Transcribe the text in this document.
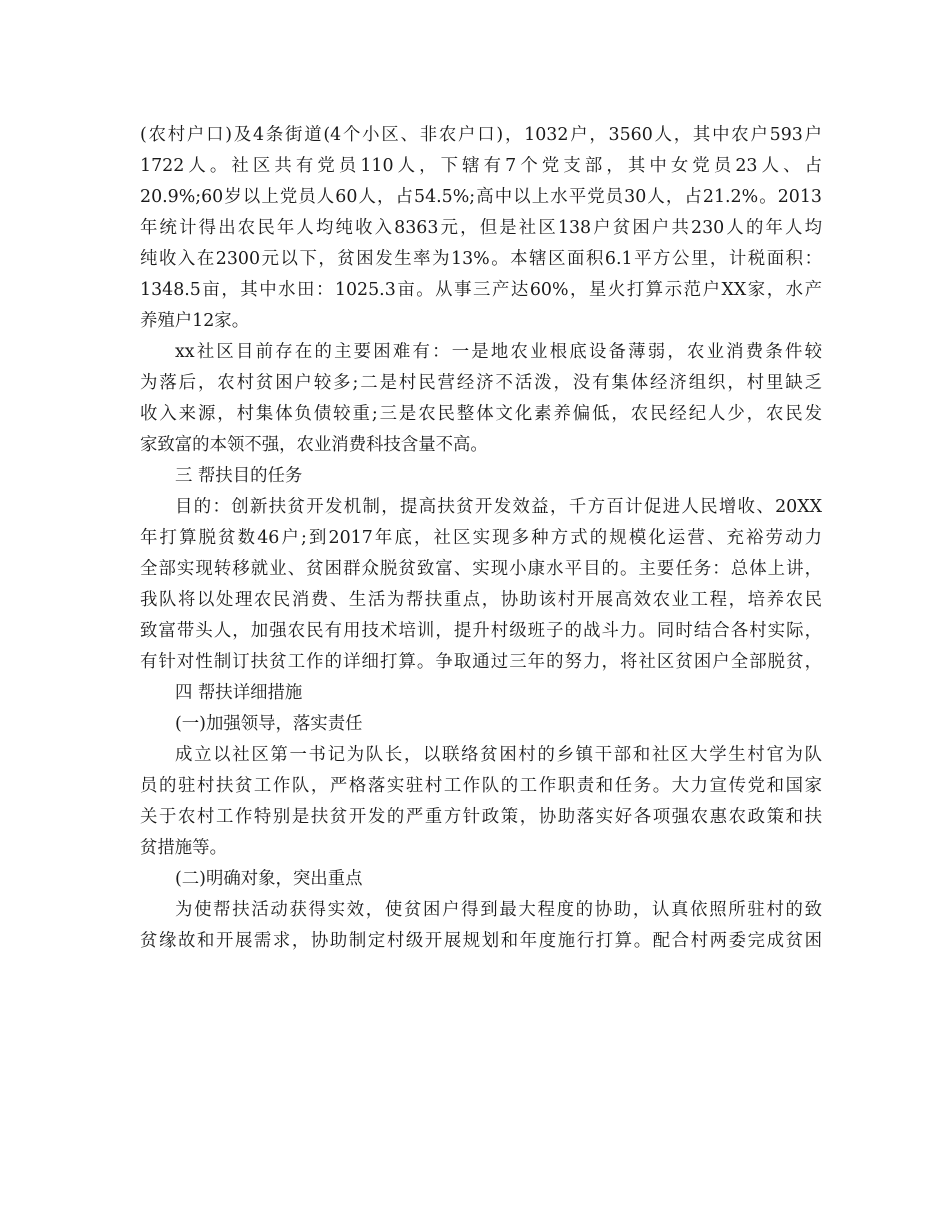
(农村户口)及4条街道(4个小区、非农户口)，1032户，3560人，其中农户593户
1722人。社区共有党员110人，下辖有7个党支部，其中女党员23人、占
20.9%;60岁以上党员人60人，占54.5%;高中以上水平党员30人，占21.2%。2013
年统计得出农民年人均纯收入8363元，但是社区138户贫困户共230人的年人均
纯收入在2300元以下，贫困发生率为13%。本辖区面积6.1平方公里，计税面积：
1348.5亩，其中水田：1025.3亩。从事三产达60%，星火打算示范户XX家，水产
养殖户12家。
xx社区目前存在的主要困难有：一是地农业根底设备薄弱，农业消费条件较
为落后，农村贫困户较多;二是村民营经济不活泼，没有集体经济组织，村里缺乏
收入来源，村集体负债较重;三是农民整体文化素养偏低，农民经纪人少，农民发
家致富的本领不强，农业消费科技含量不高。
三 帮扶目的任务
目的：创新扶贫开发机制，提高扶贫开发效益，千方百计促进人民增收、20XX
年打算脱贫数46户;到2017年底，社区实现多种方式的规模化运营、充裕劳动力
全部实现转移就业、贫困群众脱贫致富、实现小康水平目的。主要任务：总体上讲，
我队将以处理农民消费、生活为帮扶重点，协助该村开展高效农业工程，培养农民
致富带头人，加强农民有用技术培训，提升村级班子的战斗力。同时结合各村实际，
有针对性制订扶贫工作的详细打算。争取通过三年的努力，将社区贫困户全部脱贫，
四 帮扶详细措施
(一)加强领导，落实责任
成立以社区第一书记为队长，以联络贫困村的乡镇干部和社区大学生村官为队
员的驻村扶贫工作队，严格落实驻村工作队的工作职责和任务。大力宣传党和国家
关于农村工作特别是扶贫开发的严重方针政策，协助落实好各项强农惠农政策和扶
贫措施等。
(二)明确对象，突出重点
为使帮扶活动获得实效，使贫困户得到最大程度的协助，认真依照所驻村的致
贫缘故和开展需求，协助制定村级开展规划和年度施行打算。配合村两委完成贫困
